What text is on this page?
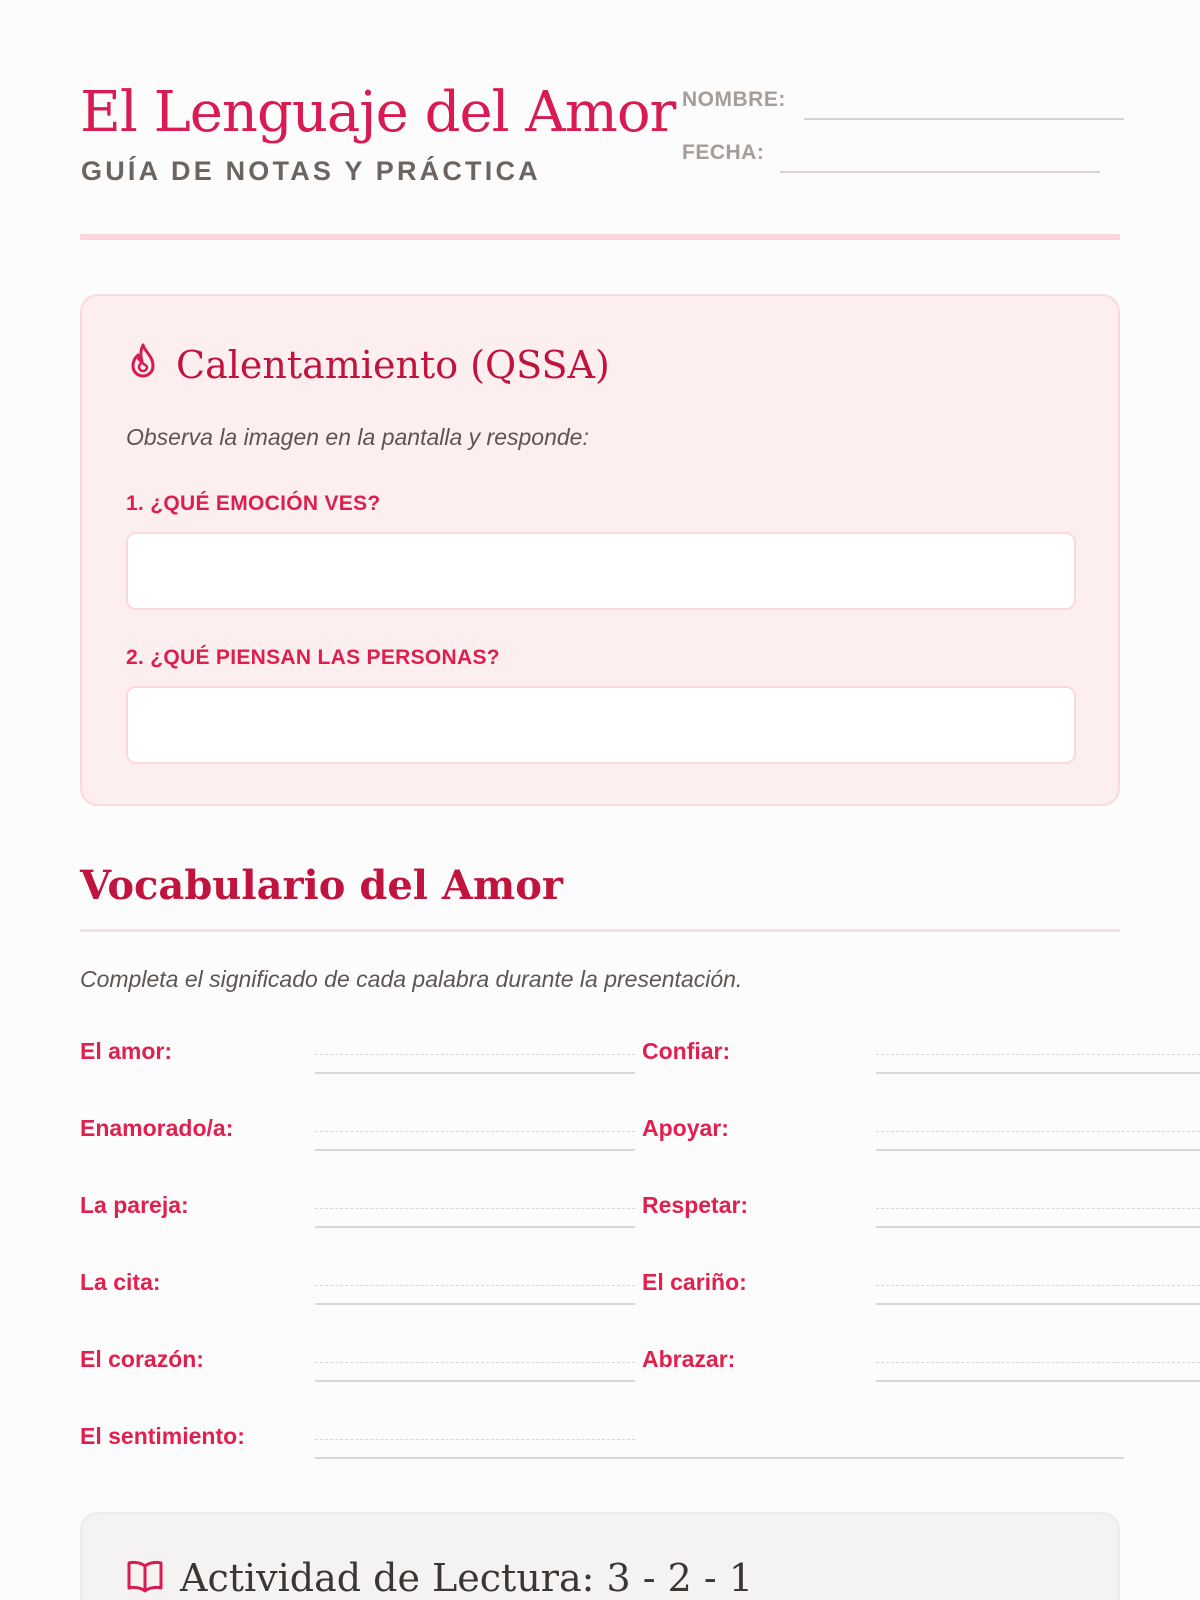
El Lenguaje del Amor
GUÍA DE NOTAS Y PRÁCTICA
NOMBRE:
FECHA:
Calentamiento (QSSA)
Observa la imagen en la pantalla y responde:
1. ¿QUÉ EMOCIÓN VES?
2. ¿QUÉ PIENSAN LAS PERSONAS?
Vocabulario del Amor
Completa el significado de cada palabra durante la presentación.
El amor:
Enamorado/a:
La pareja:
La cita:
El corazón:
El sentimiento:
Confiar:
Apoyar:
Respetar:
El cariño:
Abrazar:
Actividad de Lectura: 3 - 2 - 1
